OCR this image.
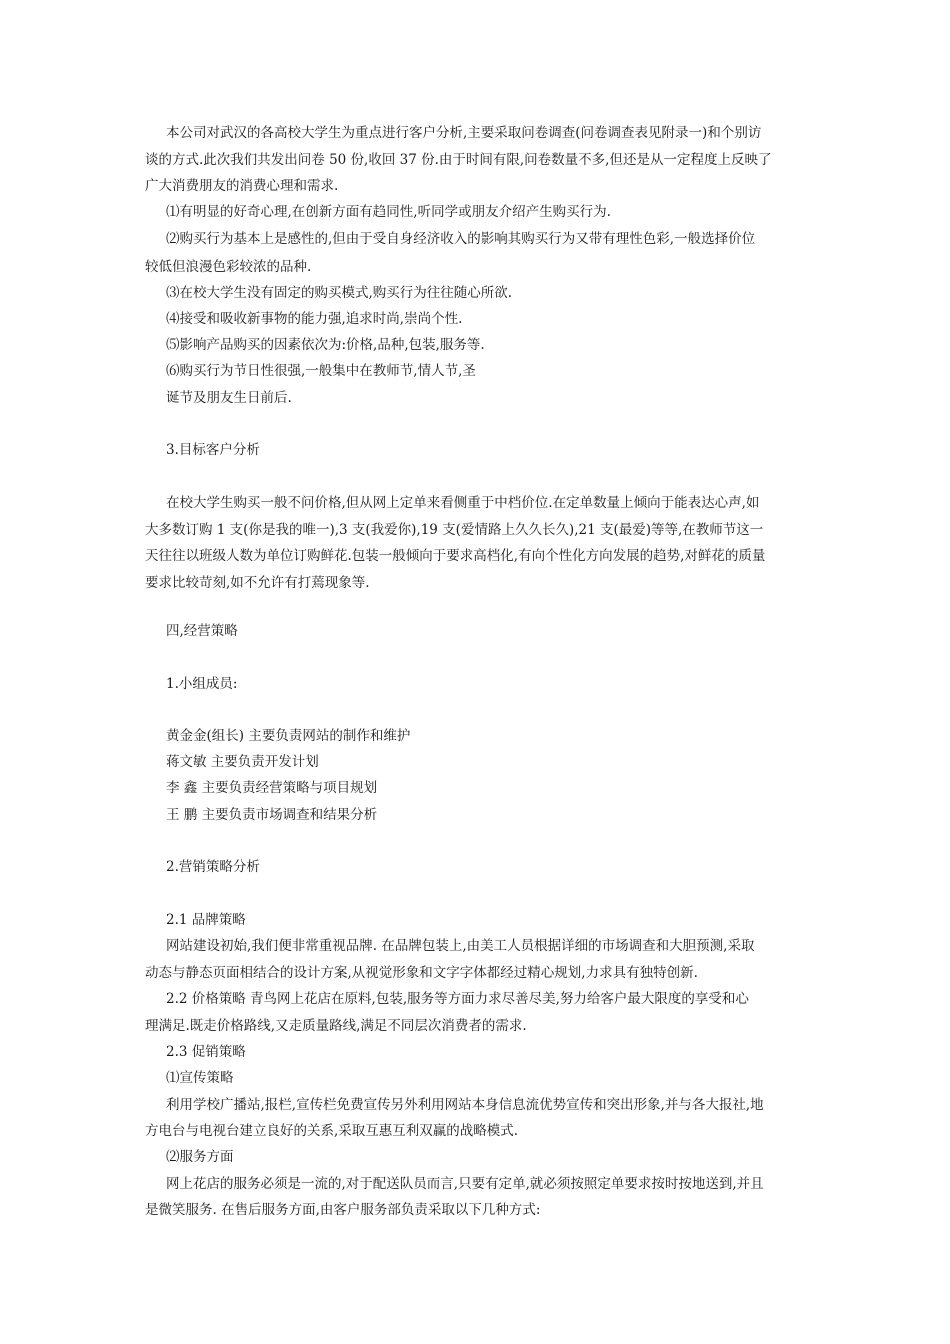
本公司对武汉的各高校大学生为重点进行客户分析,主要采取问卷调查(问卷调查表见附录一)和个别访
谈的方式.此次我们共发出问卷 50 份,收回 37 份.由于时间有限,问卷数量不多,但还是从一定程度上反映了
广大消费朋友的消费心理和需求.
⑴有明显的好奇心理,在创新方面有趋同性,听同学或朋友介绍产生购买行为.
⑵购买行为基本上是感性的,但由于受自身经济收入的影响其购买行为又带有理性色彩,一般选择价位
较低但浪漫色彩较浓的品种.
⑶在校大学生没有固定的购买模式,购买行为往往随心所欲.
⑷接受和吸收新事物的能力强,追求时尚,崇尚个性.
⑸影响产品购买的因素依次为:价格,品种,包装,服务等.
⑹购买行为节日性很强,一般集中在教师节,情人节,圣
诞节及朋友生日前后.
3.目标客户分析
在校大学生购买一般不问价格,但从网上定单来看侧重于中档价位.在定单数量上倾向于能表达心声,如
大多数订购 1 支(你是我的唯一),3 支(我爱你),19 支(爱情路上久久长久),21 支(最爱)等等,在教师节这一
天往往以班级人数为单位订购鲜花.包装一般倾向于要求高档化,有向个性化方向发展的趋势,对鲜花的质量
要求比较苛刻,如不允许有打蔫现象等.
四,经营策略
1.小组成员:
黄金金(组长) 主要负责网站的制作和维护
蒋文敏 主要负责开发计划
李 鑫 主要负责经营策略与项目规划
王 鹏 主要负责市场调查和结果分析
2.营销策略分析
2.1 品牌策略
网站建设初始,我们便非常重视品牌. 在品牌包装上,由美工人员根据详细的市场调查和大胆预测,采取
动态与静态页面相结合的设计方案,从视觉形象和文字字体都经过精心规划,力求具有独特创新.
2.2 价格策略 青鸟网上花店在原料,包装,服务等方面力求尽善尽美,努力给客户最大限度的享受和心
理满足.既走价格路线,又走质量路线,满足不同层次消费者的需求.
2.3 促销策略
⑴宣传策略
利用学校广播站,报栏,宣传栏免费宣传另外利用网站本身信息流优势宣传和突出形象,并与各大报社,地
方电台与电视台建立良好的关系,采取互惠互利双赢的战略模式.
⑵服务方面
网上花店的服务必须是一流的,对于配送队员而言,只要有定单,就必须按照定单要求按时按地送到,并且
是微笑服务. 在售后服务方面,由客户服务部负责采取以下几种方式:
